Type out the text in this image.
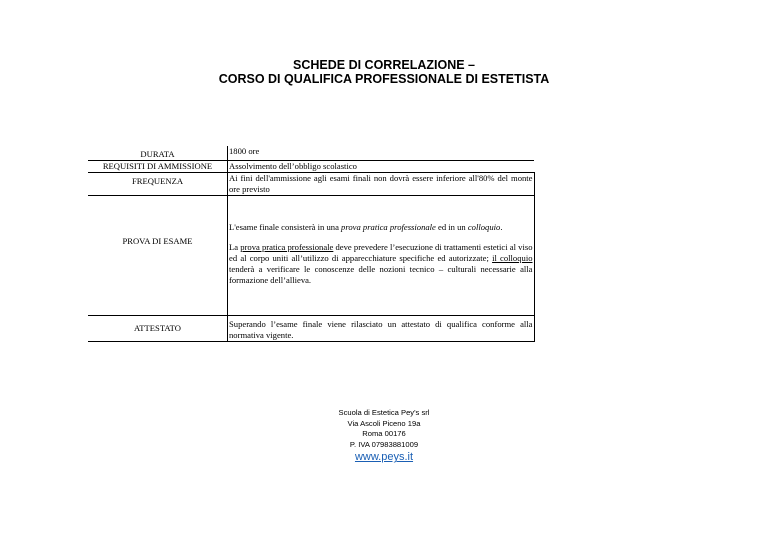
SCHEDE DI CORRELAZIONE –
CORSO DI QUALIFICA PROFESSIONALE DI ESTETISTA
DURATA	1800 ore
REQUISITI DI AMMISSIONE	Assolvimento dell’obbligo scolastico
FREQUENZA	Ai fini dell'ammissione agli esami finali non dovrà essere inferiore all'80% del monte ore previsto
PROVA DI ESAME	L'esame finale consisterà in una prova pratica professionale ed in un colloquio.

La prova pratica professionale deve prevedere l’esecuzione di trattamenti estetici al viso ed al corpo uniti all’utilizzo di apparecchiature specifiche ed autorizzate; il colloquio tenderà a verificare le conoscenze delle nozioni tecnico – culturali necessarie alla formazione dell’allieva.

ATTESTATO	Superando l’esame finale viene rilasciato un attestato di qualifica conforme alla normativa vigente.
Scuola di Estetica Pey's srl
Via Ascoli Piceno 19a
Roma 00176
P. IVA 07983881009
www.peys.it
